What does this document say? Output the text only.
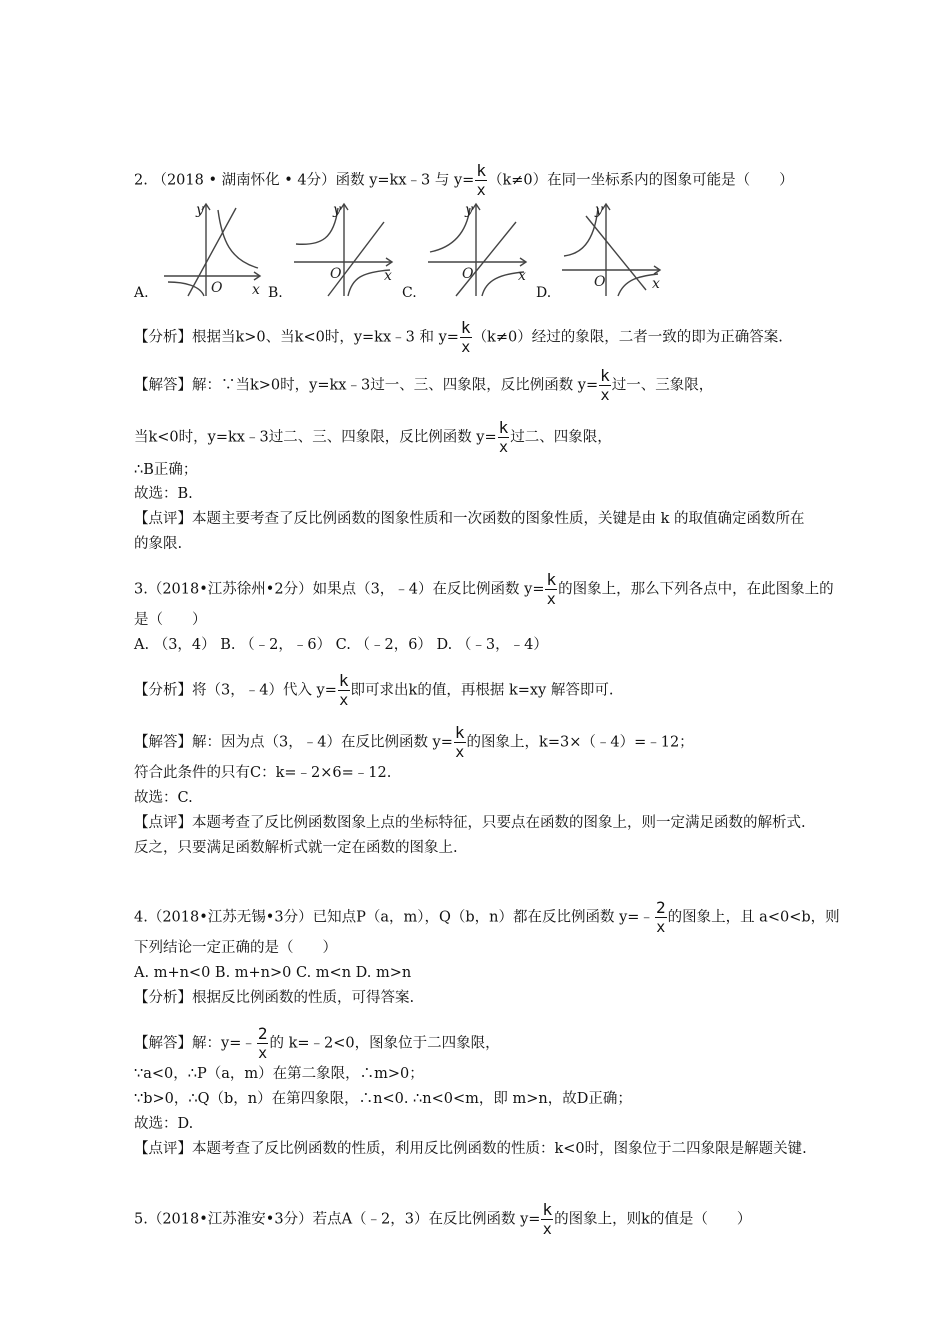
2. （2018 • 湖南怀化 • 4分）函数 y=kx﹣3 与 $y= \frac{k}{x} (k\ne 0)$在同一坐标系内的图象可能是（　　）
y
x
O
y
x
O
y
x
O
y
x
O
A.	B.	C.	D.
【分析】根据当k>0、当k<0时，y=kx﹣3 和 $y= \frac{k}{x} (k\ne 0)$经过的象限，二者一致的即为正确答案.
【解答】解：∵当k>0时，y=kx﹣3过一、三、四象限，反比例函数 $y= \frac{k}{x}$ 过一、三象限，
当k<0时，y=kx﹣3过二、三、四象限，反比例函数 $y= \frac{k}{x}$ 过二、四象限，
∴B正确；
故选：B.
【点评】本题主要考查了反比例函数的图象性质和一次函数的图象性质，关键是由 k 的取值确定函数所在
的象限.
3.（2018•江苏徐州•2分）如果点（3，﹣4）在反比例函数 $y= \frac{k}{x}$ 的图象上，那么下列各点中，在此图象上的
是（　　）
A. （3，4） B. （﹣2，﹣6） C. （﹣2，6） D. （﹣3，﹣4）
【分析】将（3，﹣4）代入 $y= \frac{k}{x}$ 即可求出k的值，再根据 k=xy 解答即可.
【解答】解：因为点（3，﹣4）在反比例函数 $y= \frac{k}{x}$ 的图象上，k=3×（﹣4）=﹣12；
符合此条件的只有C：k=﹣2×6=﹣12.
故选：C.
【点评】本题考查了反比例函数图象上点的坐标特征，只要点在函数的图象上，则一定满足函数的解析式.
反之，只要满足函数解析式就一定在函数的图象上.
4.（2018•江苏无锡•3分）已知点P（a，m），Q（b，n）都在反比例函数 y=﹣ $\frac{2}{x}$ 的图象上，且 a<0<b，则
下列结论一定正确的是（　　）
A. m+n<0 B. m+n>0 C. m<n D. m>n
【分析】根据反比例函数的性质，可得答案.
【解答】解：y=﹣ $\frac{2}{x}$ 的 k=﹣2<0，图象位于二四象限，
∵a<0，∴P（a，m）在第二象限，∴m>0；
∵b>0，∴Q（b，n）在第四象限，∴n<0. ∴n<0<m，即 m>n，故D正确；
故选：D.
【点评】本题考查了反比例函数的性质，利用反比例函数的性质：k<0时，图象位于二四象限是解题关键.
5.（2018•江苏淮安•3分）若点A（﹣2，3）在反比例函数 $y= \frac{k}{x}$ 的图象上，则k的值是（　　）
